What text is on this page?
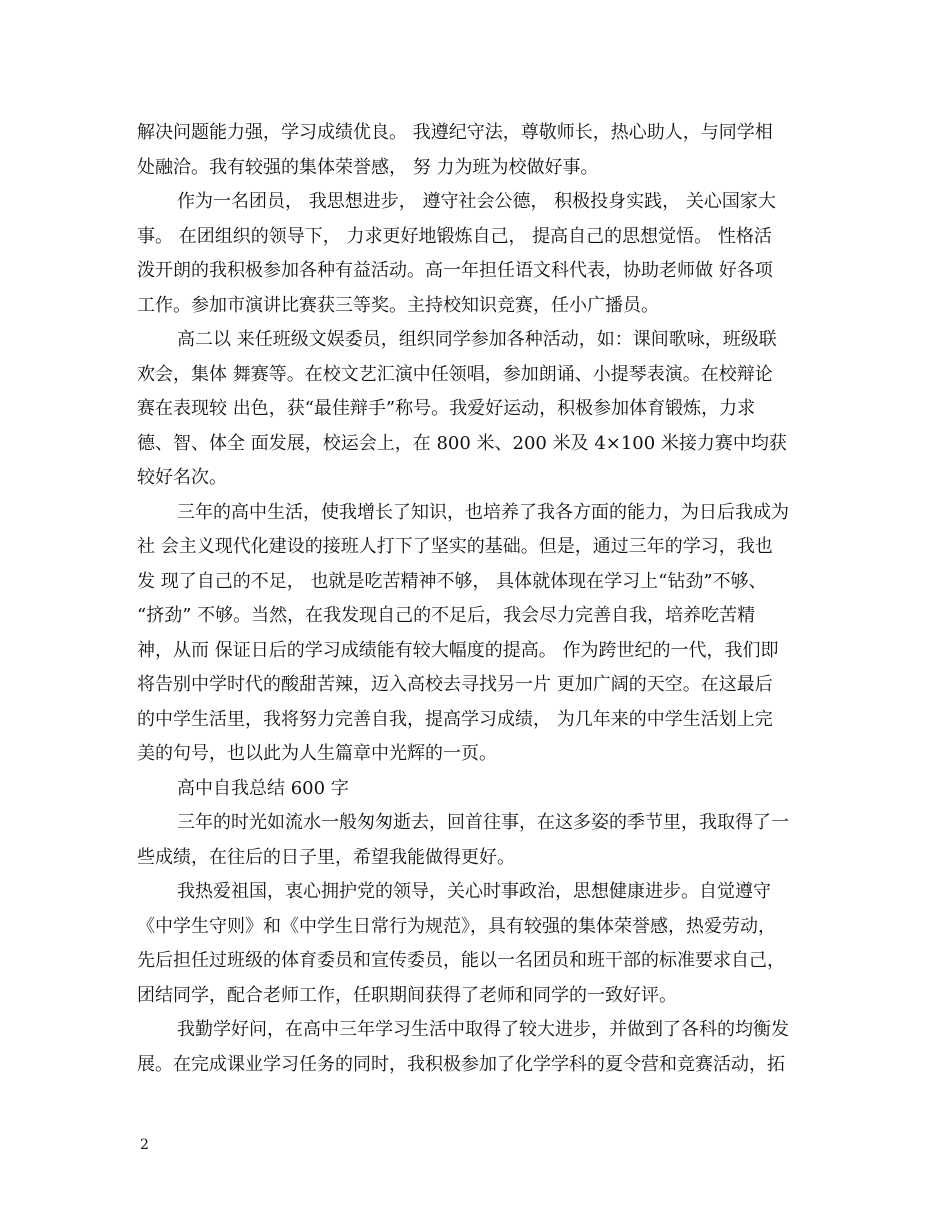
解决问题能力强，学习成绩优良。 我遵纪守法，尊敬师长，热心助人，与同学相
处融洽。我有较强的集体荣誉感， 努 力为班为校做好事。
作为一名团员， 我思想进步， 遵守社会公德， 积极投身实践， 关心国家大
事。 在团组织的领导下， 力求更好地锻炼自己， 提高自己的思想觉悟。 性格活
泼开朗的我积极参加各种有益活动。高一年担任语文科代表，协助老师做 好各项
工作。参加市演讲比赛获三等奖。主持校知识竞赛，任小广播员。
高二以 来任班级文娱委员，组织同学参加各种活动，如：课间歌咏，班级联
欢会，集体 舞赛等。在校文艺汇演中任领唱，参加朗诵、小提琴表演。在校辩论
赛在表现较 出色，获“最佳辩手”称号。我爱好运动，积极参加体育锻炼，力求
德、智、体全 面发展，校运会上，在 800 米、200 米及 4×100 米接力赛中均获
较好名次。
三年的高中生活，使我增长了知识，也培养了我各方面的能力，为日后我成为
社 会主义现代化建设的接班人打下了坚实的基础。但是，通过三年的学习，我也
发 现了自己的不足， 也就是吃苦精神不够， 具体就体现在学习上“钻劲”不够、
“挤劲” 不够。当然，在我发现自己的不足后，我会尽力完善自我，培养吃苦精
神，从而 保证日后的学习成绩能有较大幅度的提高。 作为跨世纪的一代，我们即
将告别中学时代的酸甜苦辣，迈入高校去寻找另一片 更加广阔的天空。在这最后
的中学生活里，我将努力完善自我，提高学习成绩， 为几年来的中学生活划上完
美的句号，也以此为人生篇章中光辉的一页。
高中自我总结 600 字
三年的时光如流水一般匆匆逝去，回首往事，在这多姿的季节里，我取得了一
些成绩，在往后的日子里，希望我能做得更好。
我热爱祖国，衷心拥护党的领导，关心时事政治，思想健康进步。自觉遵守
《中学生守则》和《中学生日常行为规范》，具有较强的集体荣誉感，热爱劳动，
先后担任过班级的体育委员和宣传委员，能以一名团员和班干部的标准要求自己，
团结同学，配合老师工作，任职期间获得了老师和同学的一致好评。
我勤学好问，在高中三年学习生活中取得了较大进步，并做到了各科的均衡发
展。在完成课业学习任务的同时，我积极参加了化学学科的夏令营和竞赛活动，拓
2
